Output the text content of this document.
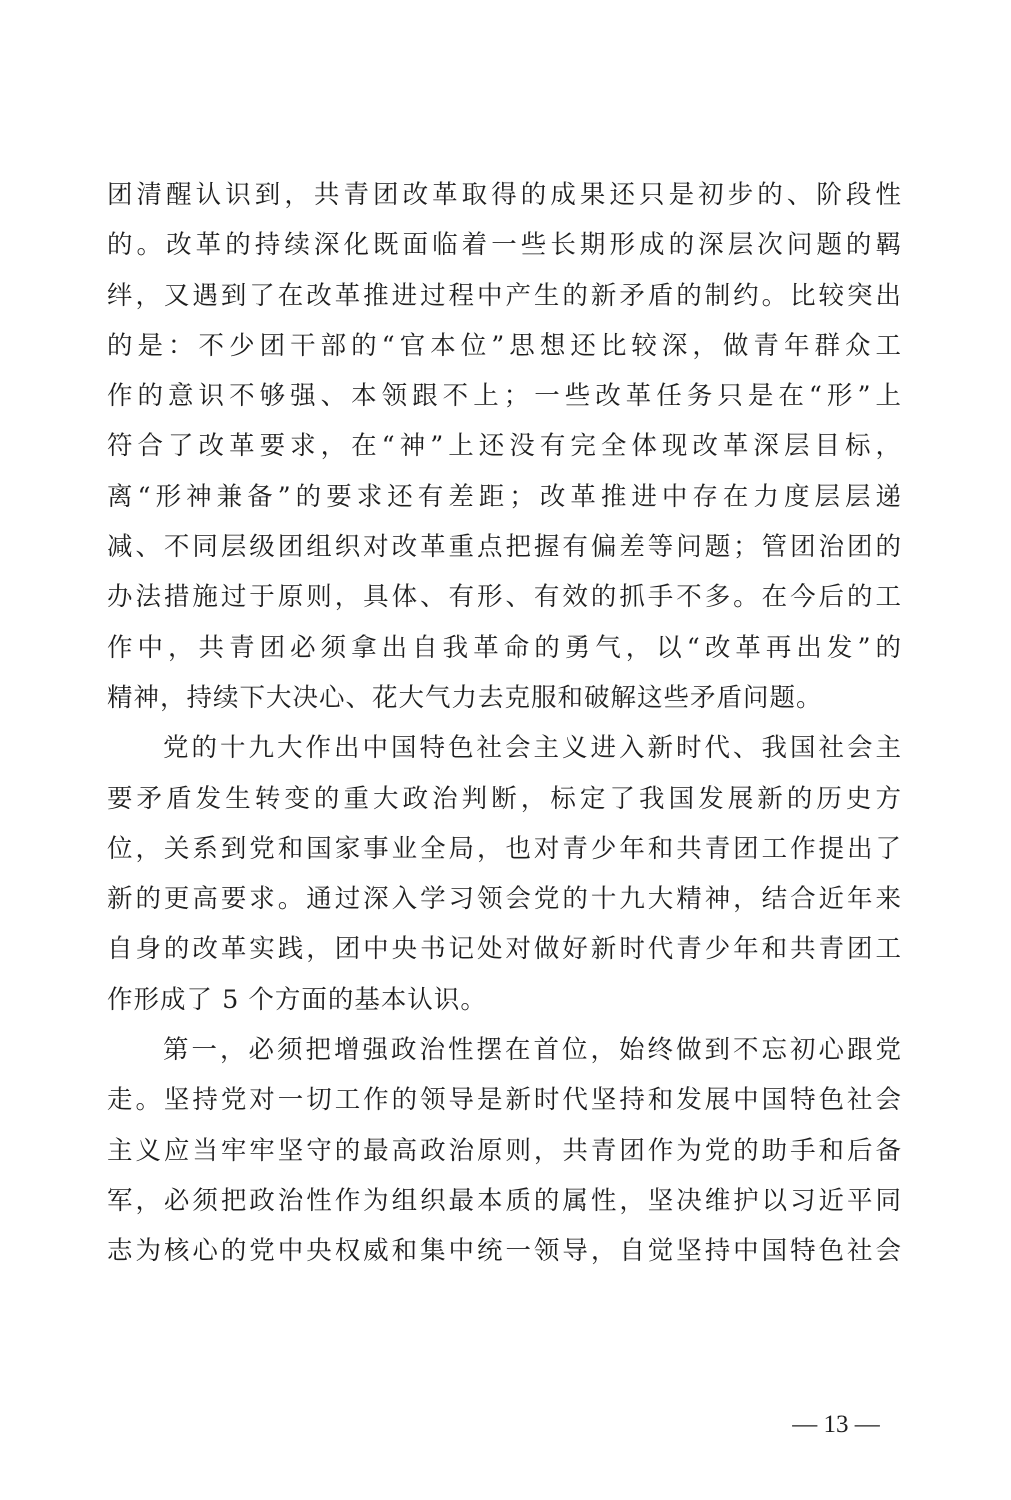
团清醒认识到，共青团改革取得的成果还只是初步的、阶段性
的。改革的持续深化既面临着一些长期形成的深层次问题的羁
绊，又遇到了在改革推进过程中产生的新矛盾的制约。比较突出
的是：不少团干部的“官本位”思想还比较深，做青年群众工
作的意识不够强、本领跟不上；一些改革任务只是在“形”上
符合了改革要求，在“神”上还没有完全体现改革深层目标，
离“形神兼备”的要求还有差距；改革推进中存在力度层层递
减、不同层级团组织对改革重点把握有偏差等问题；管团治团的
办法措施过于原则，具体、有形、有效的抓手不多。在今后的工
作中，共青团必须拿出自我革命的勇气，以“改革再出发”的
精神，持续下大决心、花大气力去克服和破解这些矛盾问题。
党的十九大作出中国特色社会主义进入新时代、我国社会主
要矛盾发生转变的重大政治判断，标定了我国发展新的历史方
位，关系到党和国家事业全局，也对青少年和共青团工作提出了
新的更高要求。通过深入学习领会党的十九大精神，结合近年来
自身的改革实践，团中央书记处对做好新时代青少年和共青团工
作形成了 5 个方面的基本认识。
第一，必须把增强政治性摆在首位，始终做到不忘初心跟党
走。坚持党对一切工作的领导是新时代坚持和发展中国特色社会
主义应当牢牢坚守的最高政治原则，共青团作为党的助手和后备
军，必须把政治性作为组织最本质的属性，坚决维护以习近平同
志为核心的党中央权威和集中统一领导，自觉坚持中国特色社会
— 13 —
